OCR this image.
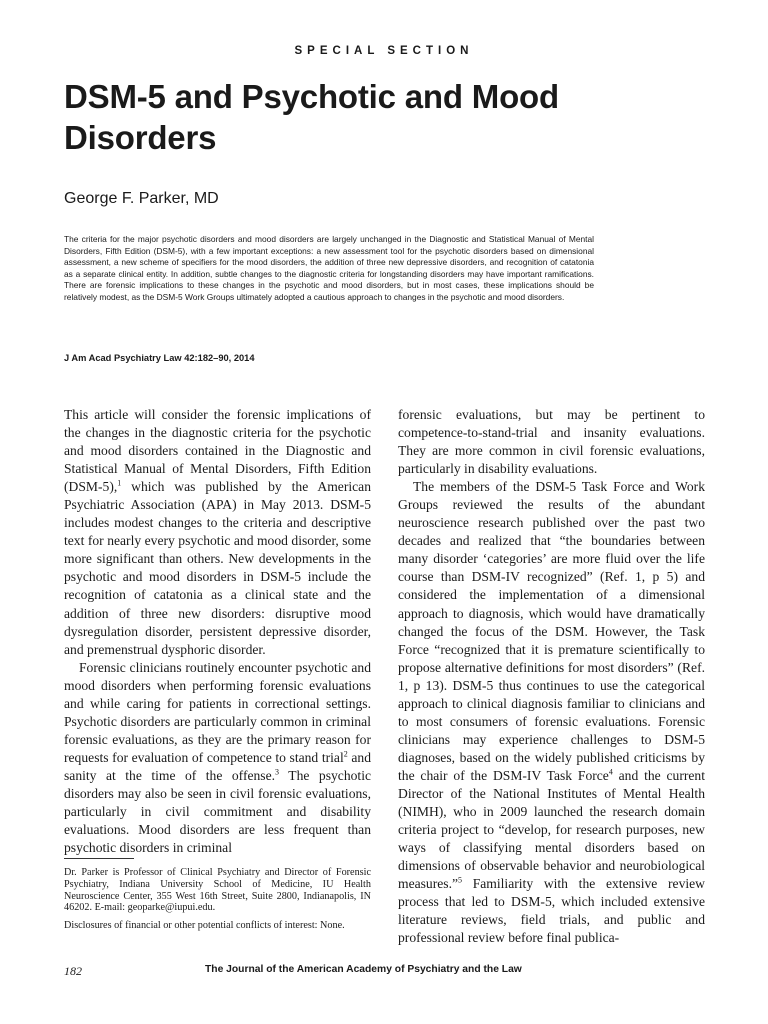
SPECIAL SECTION
DSM-5 and Psychotic and Mood Disorders

George F. Parker, MD

The criteria for the major psychotic disorders and mood disorders are largely unchanged in the Diagnostic and Statistical Manual of Mental Disorders, Fifth Edition (DSM-5), with a few important exceptions: a new assessment tool for the psychotic disorders based on dimensional assessment, a new scheme of specifiers for the mood disorders, the addition of three new depressive disorders, and recognition of catatonia as a separate clinical entity. In addition, subtle changes to the diagnostic criteria for longstanding disorders may have important ramifications. There are forensic implications to these changes in the psychotic and mood disorders, but in most cases, these implications should be relatively modest, as the DSM-5 Work Groups ultimately adopted a cautious approach to changes in the psychotic and mood disorders.

J Am Acad Psychiatry Law 42:182–90, 2014

This article will consider the forensic implications of the changes in the diagnostic criteria for the psychotic and mood disorders contained in the Diagnostic and Statistical Manual of Mental Disorders, Fifth Edition (DSM-5),$^1$ which was published by the American Psychiatric Association (APA) in May 2013. DSM-5 includes modest changes to the criteria and descriptive text for nearly every psychotic and mood disorder, some more significant than others. New developments in the psychotic and mood disorders in DSM-5 include the recognition of catatonia as a clinical state and the addition of three new disorders: disruptive mood dysregulation disorder, persistent depressive disorder, and premenstrual dysphoric disorder.

Forensic clinicians routinely encounter psychotic and mood disorders when performing forensic evaluations and while caring for patients in correctional settings. Psychotic disorders are particularly common in criminal forensic evaluations, as they are the primary reason for requests for evaluation of competence to stand trial$^2$ and sanity at the time of the offense.$^3$ The psychotic disorders may also be seen in civil forensic evaluations, particularly in civil commitment and disability evaluations. Mood disorders are less frequent than psychotic disorders in criminal

forensic evaluations, but may be pertinent to competence-to-stand-trial and insanity evaluations. They are more common in civil forensic evaluations, particularly in disability evaluations.

The members of the DSM-5 Task Force and Work Groups reviewed the results of the abundant neuroscience research published over the past two decades and realized that “the boundaries between many disorder ‘categories’ are more fluid over the life course than DSM-IV recognized” (Ref. 1, p 5) and considered the implementation of a dimensional approach to diagnosis, which would have dramatically changed the focus of the DSM. However, the Task Force “recognized that it is premature scientifically to propose alternative definitions for most disorders” (Ref. 1, p 13). DSM-5 thus continues to use the categorical approach to clinical diagnosis familiar to clinicians and to most consumers of forensic evaluations. Forensic clinicians may experience challenges to DSM-5 diagnoses, based on the widely published criticisms by the chair of the DSM-IV Task Force$^4$ and the current Director of the National Institutes of Mental Health (NIMH), who in 2009 launched the research domain criteria project to “develop, for research purposes, new ways of classifying mental disorders based on dimensions of observable behavior and neurobiological measures.”$^5$ Familiarity with the extensive review process that led to DSM-5, which included extensive literature reviews, field trials, and public and professional review before final publica-

Dr. Parker is Professor of Clinical Psychiatry and Director of Forensic Psychiatry, Indiana University School of Medicine, IU Health Neuroscience Center, 355 West 16th Street, Suite 2800, Indianapolis, IN 46202. E-mail: geoparke@iupui.edu.

Disclosures of financial or other potential conflicts of interest: None.

182	The Journal of the American Academy of Psychiatry and the Law
